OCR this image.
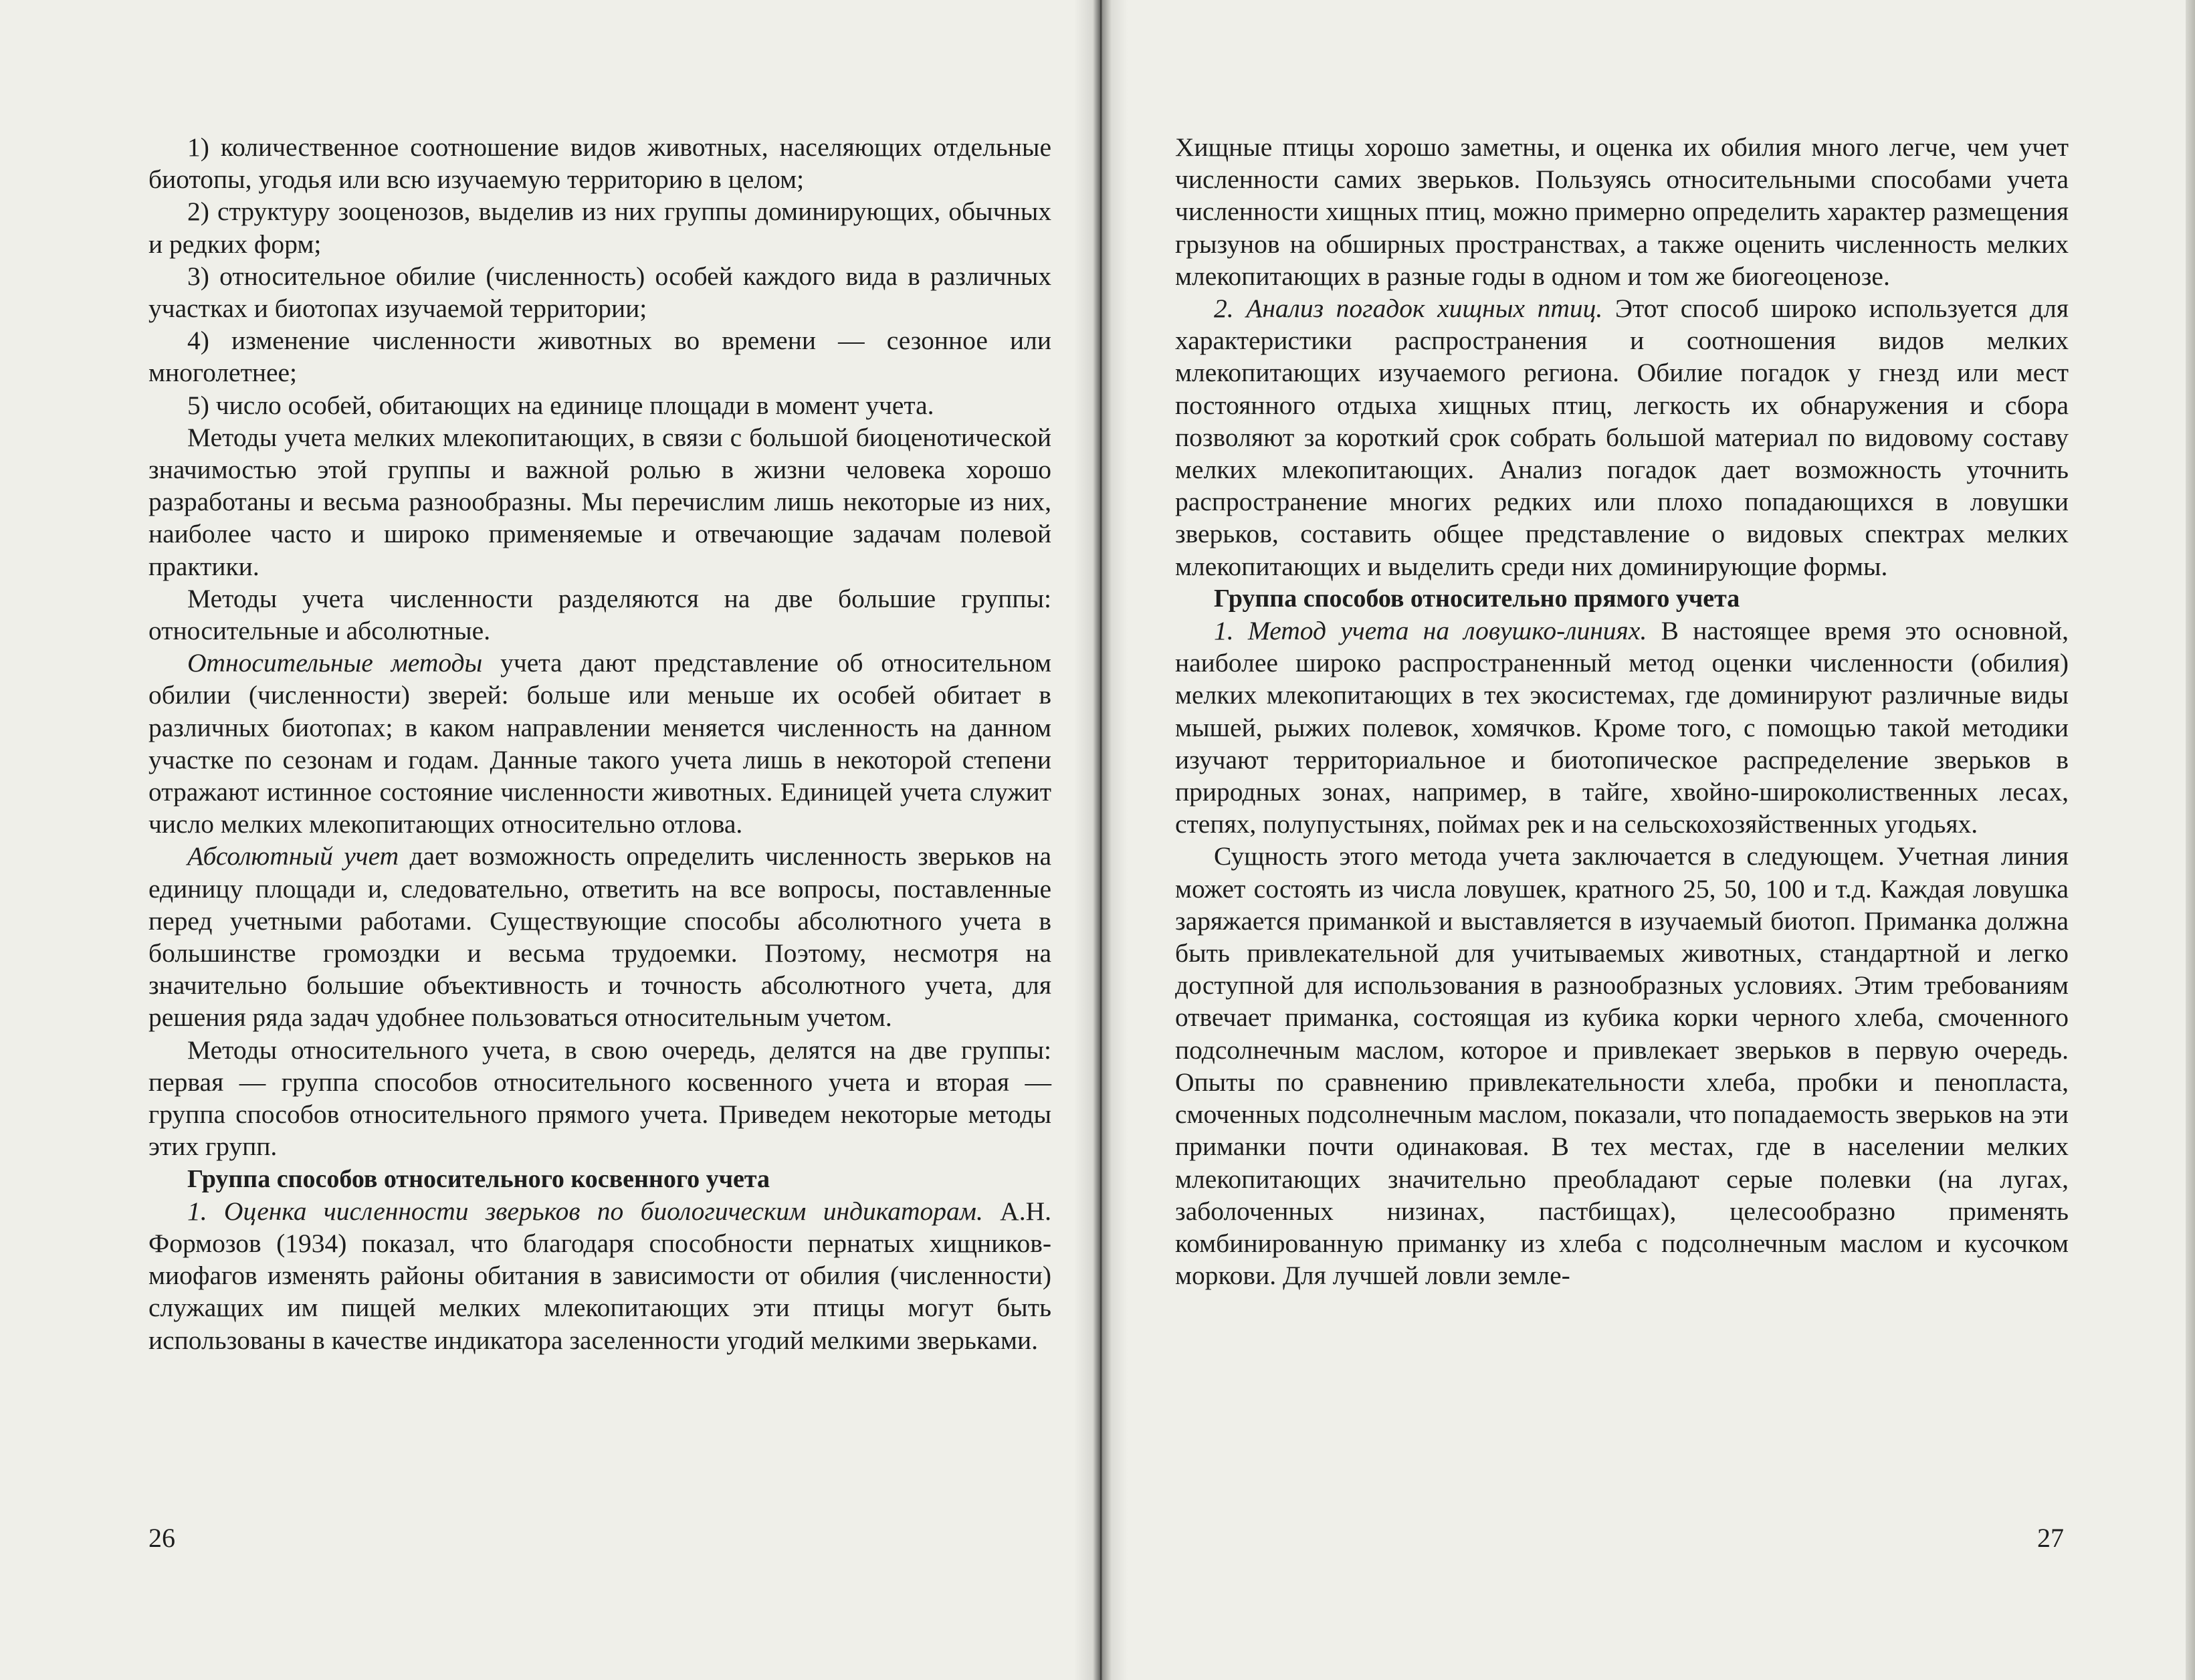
1) количественное соотношение видов животных, населяющих отдельные биотопы, угодья или всю изучаемую территорию в целом;

2) структуру зооценозов, выделив из них группы доминирующих, обычных и редких форм;

3) относительное обилие (численность) особей каждого вида в различных участках и биотопах изучаемой территории;

4) изменение численности животных во времени — сезонное или многолетнее;

5) число особей, обитающих на единице площади в момент учета.

Методы учета мелких млекопитающих, в связи с большой биоценотической значимостью этой группы и важной ролью в жизни человека хорошо разработаны и весьма разнообразны. Мы перечислим лишь некоторые из них, наиболее часто и широко применяемые и отвечающие задачам полевой практики.

Методы учета численности разделяются на две большие группы: относительные и абсолютные.

Относительные методы учета дают представление об относительном обилии (численности) зверей: больше или меньше их особей обитает в различных биотопах; в каком направлении меняется численность на данном участке по сезонам и годам. Данные такого учета лишь в некоторой степени отражают истинное состояние численности животных. Единицей учета служит число мелких млекопитающих относительно отлова.

Абсолютный учет дает возможность определить численность зверьков на единицу площади и, следовательно, ответить на все вопросы, поставленные перед учетными работами. Существующие способы абсолютного учета в большинстве громоздки и весьма трудоемки. Поэтому, несмотря на значительно большие объективность и точность абсолютного учета, для решения ряда задач удобнее пользоваться относительным учетом.

Методы относительного учета, в свою очередь, делятся на две группы: первая — группа способов относительного косвенного учета и вторая — группа способов относительного прямого учета. Приведем некоторые методы этих групп.

Группа способов относительного косвенного учета

1. Оценка численности зверьков по биологическим индикаторам. А.Н. Формозов (1934) показал, что благодаря способности пернатых хищников-миофагов изменять районы обитания в зависимости от обилия (численности) служащих им пищей мелких млекопитающих эти птицы могут быть использованы в качестве индикатора заселенности угодий мелкими зверьками.

26

Хищные птицы хорошо заметны, и оценка их обилия много легче, чем учет численности самих зверьков. Пользуясь относительными способами учета численности хищных птиц, можно примерно определить характер размещения грызунов на обширных пространствах, а также оценить численность мелких млекопитающих в разные годы в одном и том же биогеоценозе.

2. Анализ погадок хищных птиц. Этот способ широко используется для характеристики распространения и соотношения видов мелких млекопитающих изучаемого региона. Обилие погадок у гнезд или мест постоянного отдыха хищных птиц, легкость их обнаружения и сбора позволяют за короткий срок собрать большой материал по видовому составу мелких млекопитающих. Анализ погадок дает возможность уточнить распространение многих редких или плохо попадающихся в ловушки зверьков, составить общее представление о видовых спектрах мелких млекопитающих и выделить среди них доминирующие формы.

Группа способов относительно прямого учета

1. Метод учета на ловушко-линиях. В настоящее время это основной, наиболее широко распространенный метод оценки численности (обилия) мелких млекопитающих в тех экосистемах, где доминируют различные виды мышей, рыжих полевок, хомячков. Кроме того, с помощью такой методики изучают территориальное и биотопическое распределение зверьков в природных зонах, например, в тайге, хвойно-широколиственных лесах, степях, полупустынях, поймах рек и на сельскохозяйственных угодьях.

Сущность этого метода учета заключается в следующем. Учетная линия может состоять из числа ловушек, кратного 25, 50, 100 и т.д. Каждая ловушка заряжается приманкой и выставляется в изучаемый биотоп. Приманка должна быть привлекательной для учитываемых животных, стандартной и легко доступной для использования в разнообразных условиях. Этим требованиям отвечает приманка, состоящая из кубика корки черного хлеба, смоченного подсолнечным маслом, которое и привлекает зверьков в первую очередь. Опыты по сравнению привлекательности хлеба, пробки и пенопласта, смоченных подсолнечным маслом, показали, что попадаемость зверьков на эти приманки почти одинаковая. В тех местах, где в населении мелких млекопитающих значительно преобладают серые полевки (на лугах, заболоченных низинах, пастбищах), целесообразно применять комбинированную приманку из хлеба с подсолнечным маслом и кусочком моркови. Для лучшей ловли земле-

27
